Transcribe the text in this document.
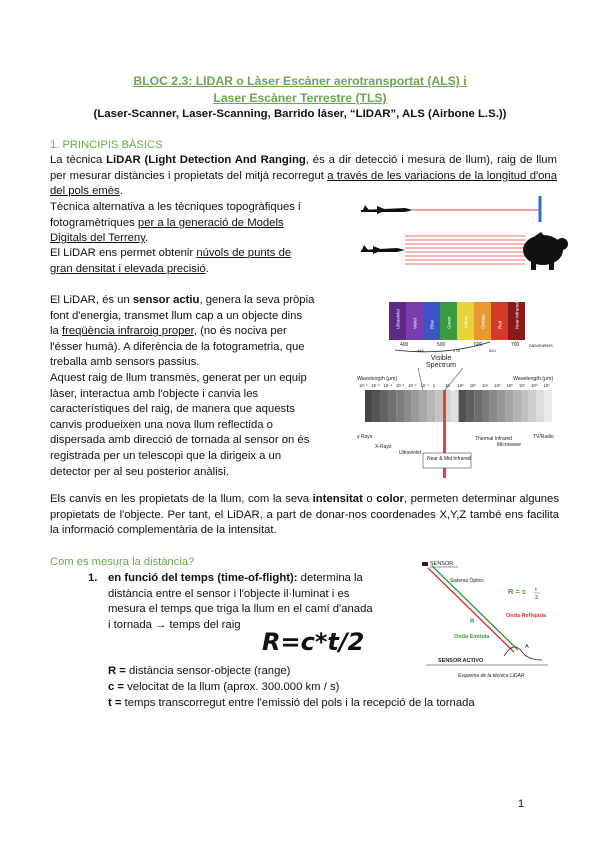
BLOC 2.3: LIDAR o Làser Escàner aerotransportat (ALS) i
Laser Escàner Terrestre (TLS)
(Laser-Scanner, Laser-Scanning, Barrido láser, “LIDAR”, ALS (Airbone L.S.))
1. PRINCIPIS BÀSICS
La tècnica LiDAR (Light Detection And Ranging, és a dir detecció i mesura de llum), raig de llum per mesurar distàncies i propietats del mitjà recorregut a través de les variacions de la longitud d'ona del pols emès.
Tècnica alternativa a les tècniques topogràfiques i
fotogramètriques per a la generació de Models
Digitals del Terreny.
El LiDAR ens permet obtenir núvols de punts de
gran densitat i elevada precisió.
El LiDAR, és un sensor actiu, genera la seva pròpia
font d'energia, transmet llum cap a un objecte dins
la freqüència infraroig proper, (no és nociva per
l'ésser humà). A diferència de la fotogrametria, que
treballa amb sensors passius.
Aquest raig de llum transmès, generat per un equip
làser, interactua amb l'objecte i canvia les
característiques del raig, de manera que aquests
canvis produeixen una nova llum reflectida o
dispersada amb direcció de tornada al sensor on és
registrada per un telescopi que la dirigeix a un
detector per al seu posterior anàlisi.
Ultraviolet	Violet	Blue	Green	Yellow	Orange	Red	Near-Infrared
400	500	600	700
446	578	620
nanometers
Visible
Spectrum
Wavelength (μm)	Wavelength (μm)
10⁻⁶ 10⁻⁵ 10⁻⁴ 10⁻³ 10⁻² 10⁻¹ 1 10 10² 10³ 10⁴ 10⁵ 10⁶ 10⁷ 10⁸ 10⁹
γ Rays
X-Rays
Ultraviolet
Near & Mid Infrared
Thermal Infrared
Microwave
TV/Radio
Els canvis en les propietats de la llum, com la seva intensitat o color, permeten determinar algunes propietats de l'objecte. Per tant, el LiDAR, a part de donar-nos coordenades X,Y,Z també ens facilita la informació complementària de la intensitat.
Com es mesura la distància?
1. en funció del temps (time-of-flight): determina la
distància entre el sensor i l'objecte il·luminat i es
mesura el temps que triga la llum en el camí d'anada
i tornada → temps del raig
R=c*t/2
R = distància sensor-objecte (range)
c = velocitat de la llum (aprox. 300.000 km / s)
t = temps transcorregut entre l'emissió del pols i la recepció de la tornada
SENSOR
Sistema Óptico
R = c t
2
Onda Reflejada
R
Onda Emitida
A
SENSOR ACTIVO
Esquema de la técnica LiDAR
1
